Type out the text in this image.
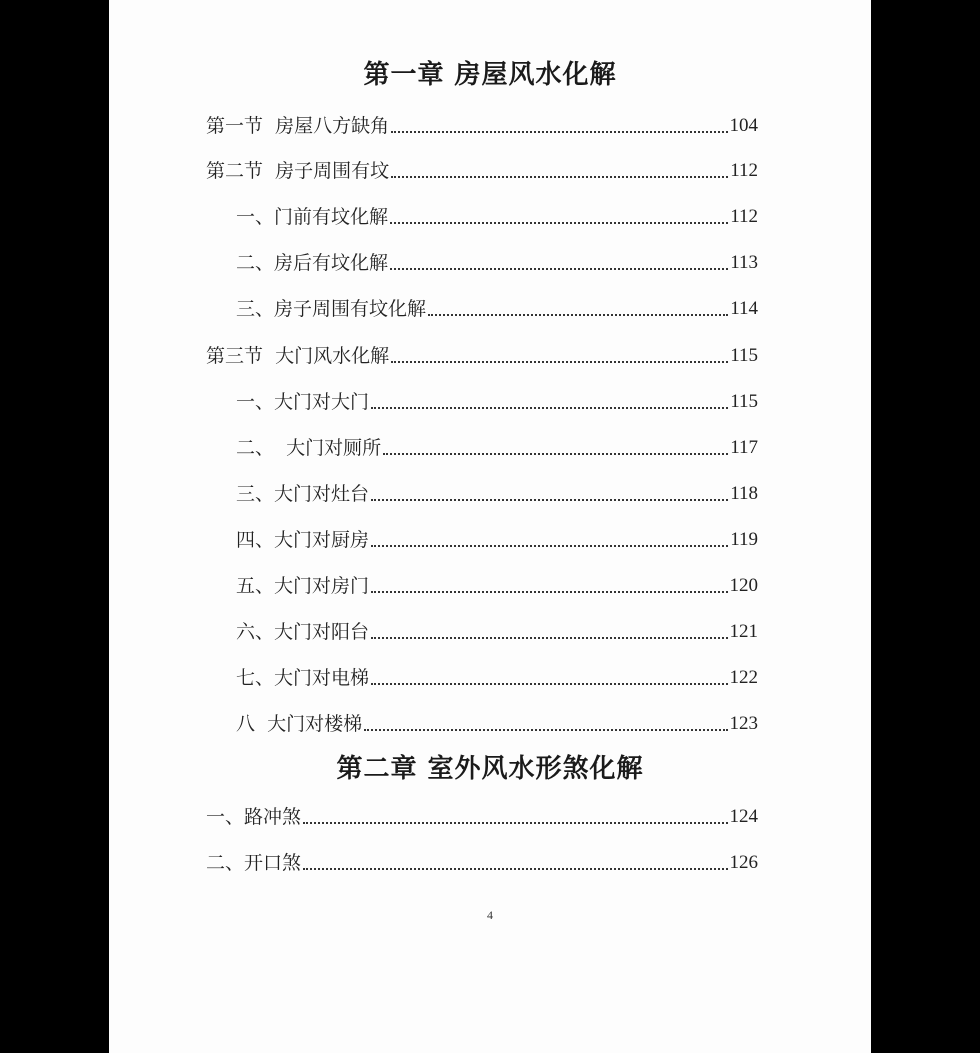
第一章 房屋风水化解
第一节  房屋八方缺角	104
第二节  房子周围有坟	112
一、门前有坟化解	112
二、房后有坟化解	113
三、房子周围有坟化解	114
第三节  大门风水化解	115
一、大门对大门	115
二、  大门对厕所	117
三、大门对灶台	118
四、大门对厨房	119
五、大门对房门	120
六、大门对阳台	121
七、大门对电梯	122
八  大门对楼梯	123
第二章 室外风水形煞化解
一、路冲煞	124
二、开口煞	126
4
